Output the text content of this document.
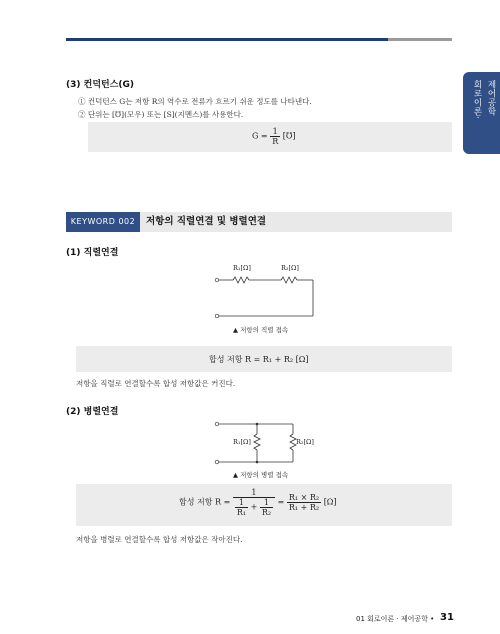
제어공학
회로이론·
(3) 컨덕턴스(G)
① 컨덕턴스 G는 저항 R의 역수로 전류가 흐르기 쉬운 정도를 나타낸다.
② 단위는 [℧](모우) 또는 [S](지멘스)를 사용한다.
$G = \frac{1}{R}$ [℧]
KEYWORD 002	저항의 직렬연결 및 병렬연결
(1) 직렬연결
R₁[Ω]	R₂[Ω]
▲ 저항의 직렬 접속
합성 저항 R = R₁ + R₂ [Ω]
저항을 직렬로 연결할수록 합성 저항값은 커진다.
(2) 병렬연결
R₁[Ω]	R₂[Ω]
▲ 저항의 병렬 접속
합성 저항 $R = \frac{1}{\frac{1}{\text{R₁}} + \frac{1}{\text{R₂}}} = \frac{\text{R₁ × R₂}}{\text{R₁ + R₂}} [\Omega]$
저항을 병렬로 연결할수록 합성 저항값은 작아진다.
01 회로이론 · 제어공학 • 31
